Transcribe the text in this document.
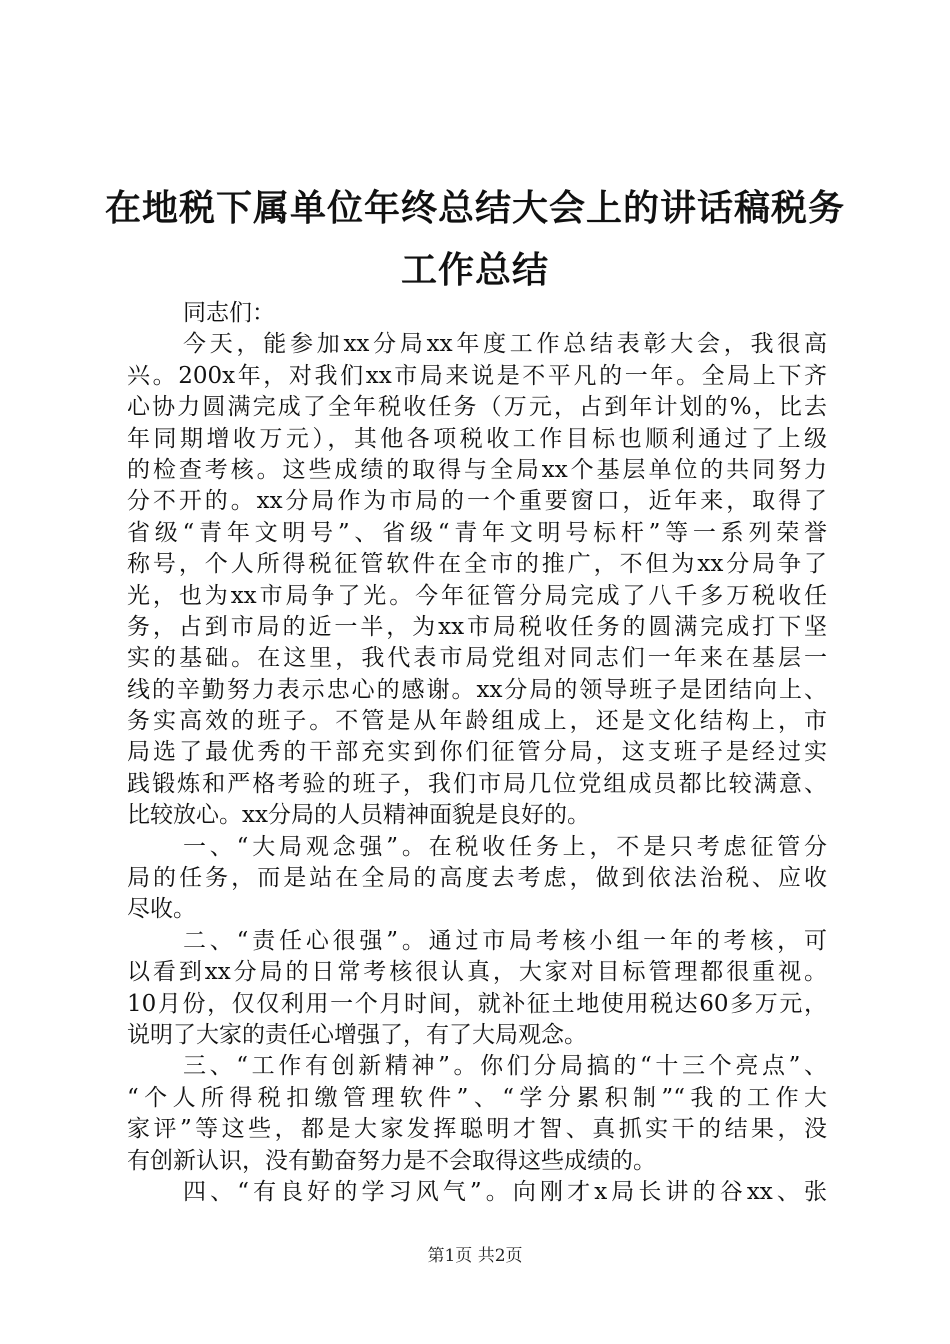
在地税下属单位年终总结大会上的讲话稿税务
工作总结
同志们：
今天，能参加xx分局xx年度工作总结表彰大会，我很高
兴。200x年，对我们xx市局来说是不平凡的一年。全局上下齐
心协力圆满完成了全年税收任务（万元，占到年计划的%，比去
年同期增收万元），其他各项税收工作目标也顺利通过了上级
的检查考核。这些成绩的取得与全局xx个基层单位的共同努力
分不开的。xx分局作为市局的一个重要窗口，近年来，取得了
省级“青年文明号”、省级“青年文明号标杆”等一系列荣誉
称号，个人所得税征管软件在全市的推广，不但为xx分局争了
光，也为xx市局争了光。今年征管分局完成了八千多万税收任
务，占到市局的近一半，为xx市局税收任务的圆满完成打下坚
实的基础。在这里，我代表市局党组对同志们一年来在基层一
线的辛勤努力表示忠心的感谢。xx分局的领导班子是团结向上、
务实高效的班子。不管是从年龄组成上，还是文化结构上，市
局选了最优秀的干部充实到你们征管分局，这支班子是经过实
践锻炼和严格考验的班子，我们市局几位党组成员都比较满意、
比较放心。xx分局的人员精神面貌是良好的。
一、“大局观念强”。在税收任务上，不是只考虑征管分
局的任务，而是站在全局的高度去考虑，做到依法治税、应收
尽收。
二、“责任心很强”。通过市局考核小组一年的考核，可
以看到xx分局的日常考核很认真，大家对目标管理都很重视。
10月份，仅仅利用一个月时间，就补征土地使用税达60多万元，
说明了大家的责任心增强了，有了大局观念。
三、“工作有创新精神”。你们分局搞的“十三个亮点”、
“个人所得税扣缴管理软件”、“学分累积制”“我的工作大
家评”等这些，都是大家发挥聪明才智、真抓实干的结果，没
有创新认识，没有勤奋努力是不会取得这些成绩的。
四、“有良好的学习风气”。向刚才x局长讲的谷xx、张
第1页 共2页
